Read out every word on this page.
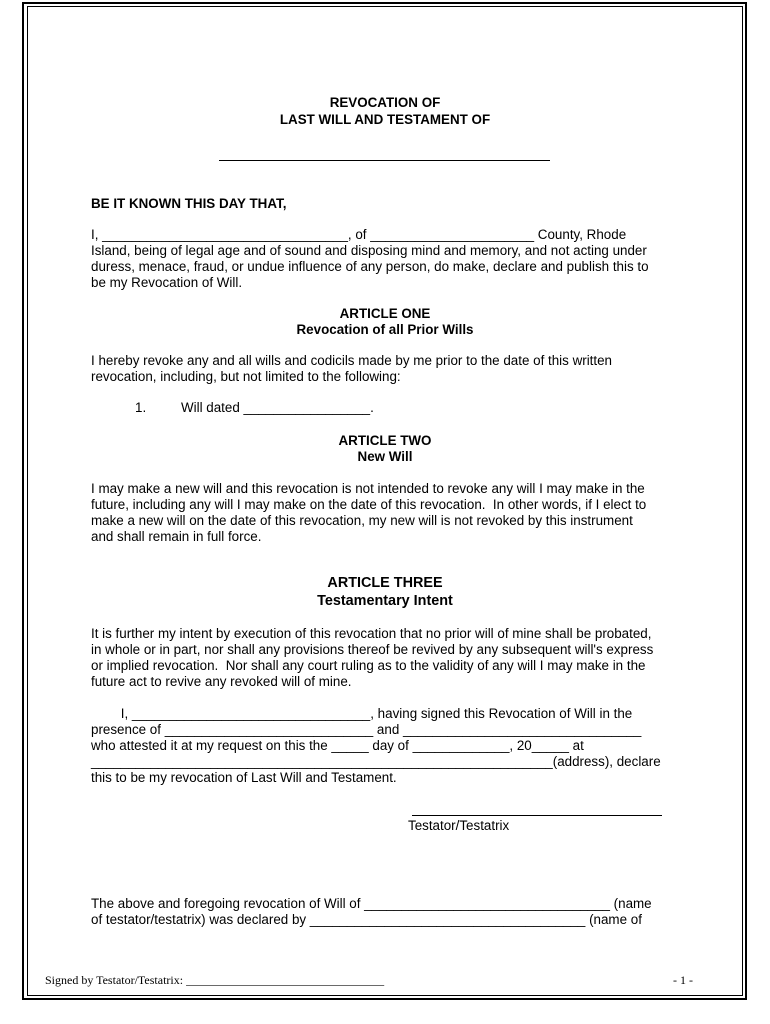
REVOCATION OF
LAST WILL AND TESTAMENT OF
BE IT KNOWN THIS DAY THAT,
I, _________________________________, of ______________________ County, Rhode
Island, being of legal age and of sound and disposing mind and memory, and not acting under
duress, menace, fraud, or undue influence of any person, do make, declare and publish this to
be my Revocation of Will.
ARTICLE ONE
Revocation of all Prior Wills
I hereby revoke any and all wills and codicils made by me prior to the date of this written
revocation, including, but not limited to the following:
1.	Will dated _________________.
ARTICLE TWO
New Will
I may make a new will and this revocation is not intended to revoke any will I may make in the
future, including any will I may make on the date of this revocation.  In other words, if I elect to
make a new will on the date of this revocation, my new will is not revoked by this instrument
and shall remain in full force.
ARTICLE THREE
Testamentary Intent
It is further my intent by execution of this revocation that no prior will of mine shall be probated,
in whole or in part, nor shall any provisions thereof be revived by any subsequent will's express
or implied revocation.  Nor shall any court ruling as to the validity of any will I may make in the
future act to revive any revoked will of mine.
I, ________________________________, having signed this Revocation of Will in the
presence of ____________________________ and ________________________________
who attested it at my request on this the _____ day of _____________, 20_____ at
______________________________________________________________(address), declare
this to be my revocation of Last Will and Testament.
Testator/Testatrix
The above and foregoing revocation of Will of _________________________________ (name
of testator/testatrix) was declared by _____________________________________ (name of
Signed by Testator/Testatrix: _________________________________	- 1 -
